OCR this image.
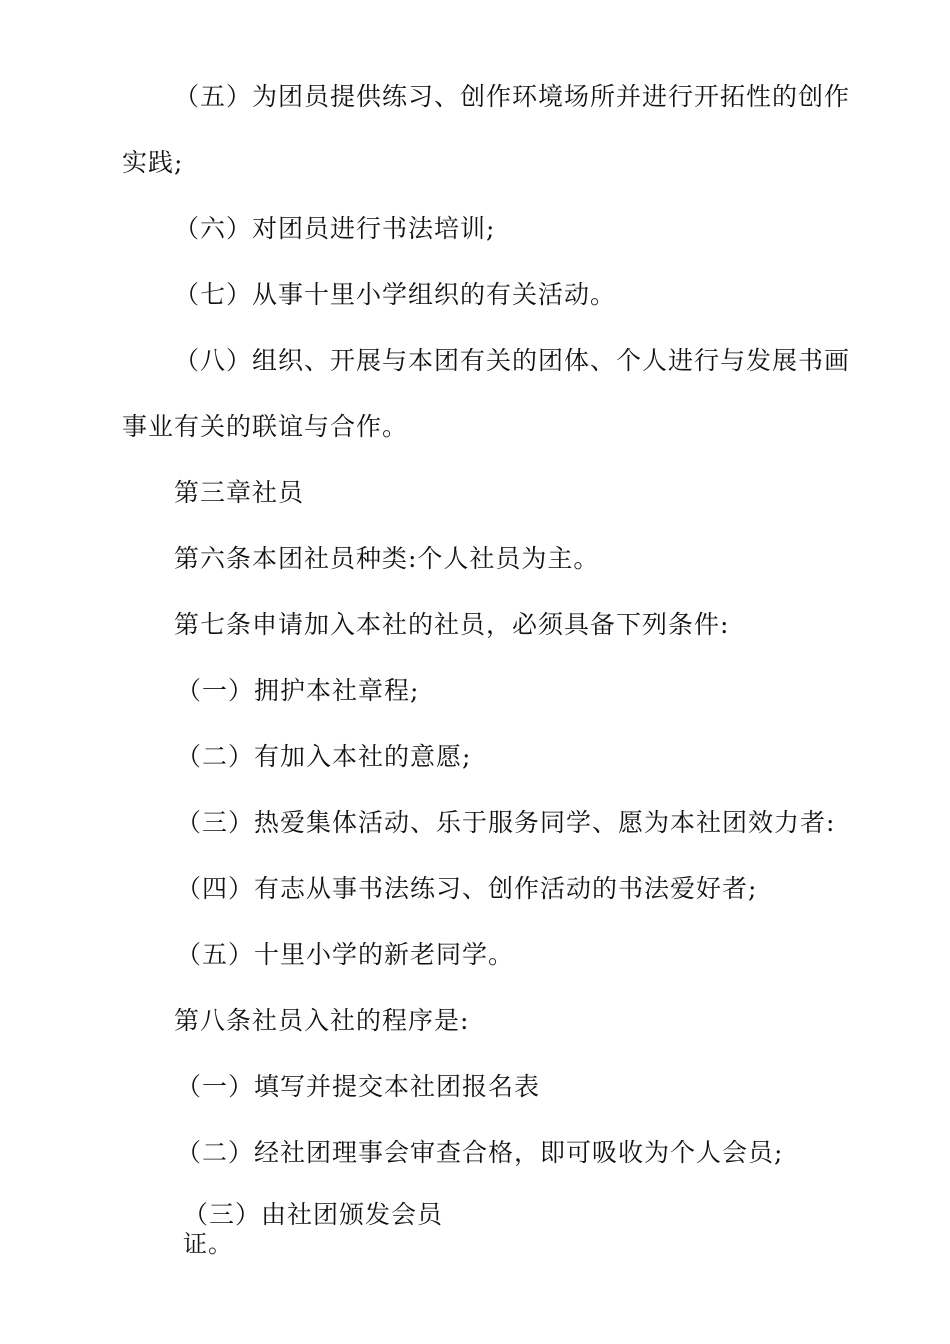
（五）为团员提供练习、创作环境场所并进行开拓性的创作
实践;
（六）对团员进行书法培训;
（七）从事十里小学组织的有关活动。
（八）组织、开展与本团有关的团体、个人进行与发展书画
事业有关的联谊与合作。
第三章社员
第六条本团社员种类:个人社员为主。
第七条申请加入本社的社员，必须具备下列条件:
（一）拥护本社章程;
（二）有加入本社的意愿;
（三）热爱集体活动、乐于服务同学、愿为本社团效力者:
（四）有志从事书法练习、创作活动的书法爱好者;
（五）十里小学的新老同学。
第八条社员入社的程序是:
（一）填写并提交本社团报名表
（二）经社团理事会审查合格，即可吸收为个人会员;
（三）由社团颁发会员
证。
